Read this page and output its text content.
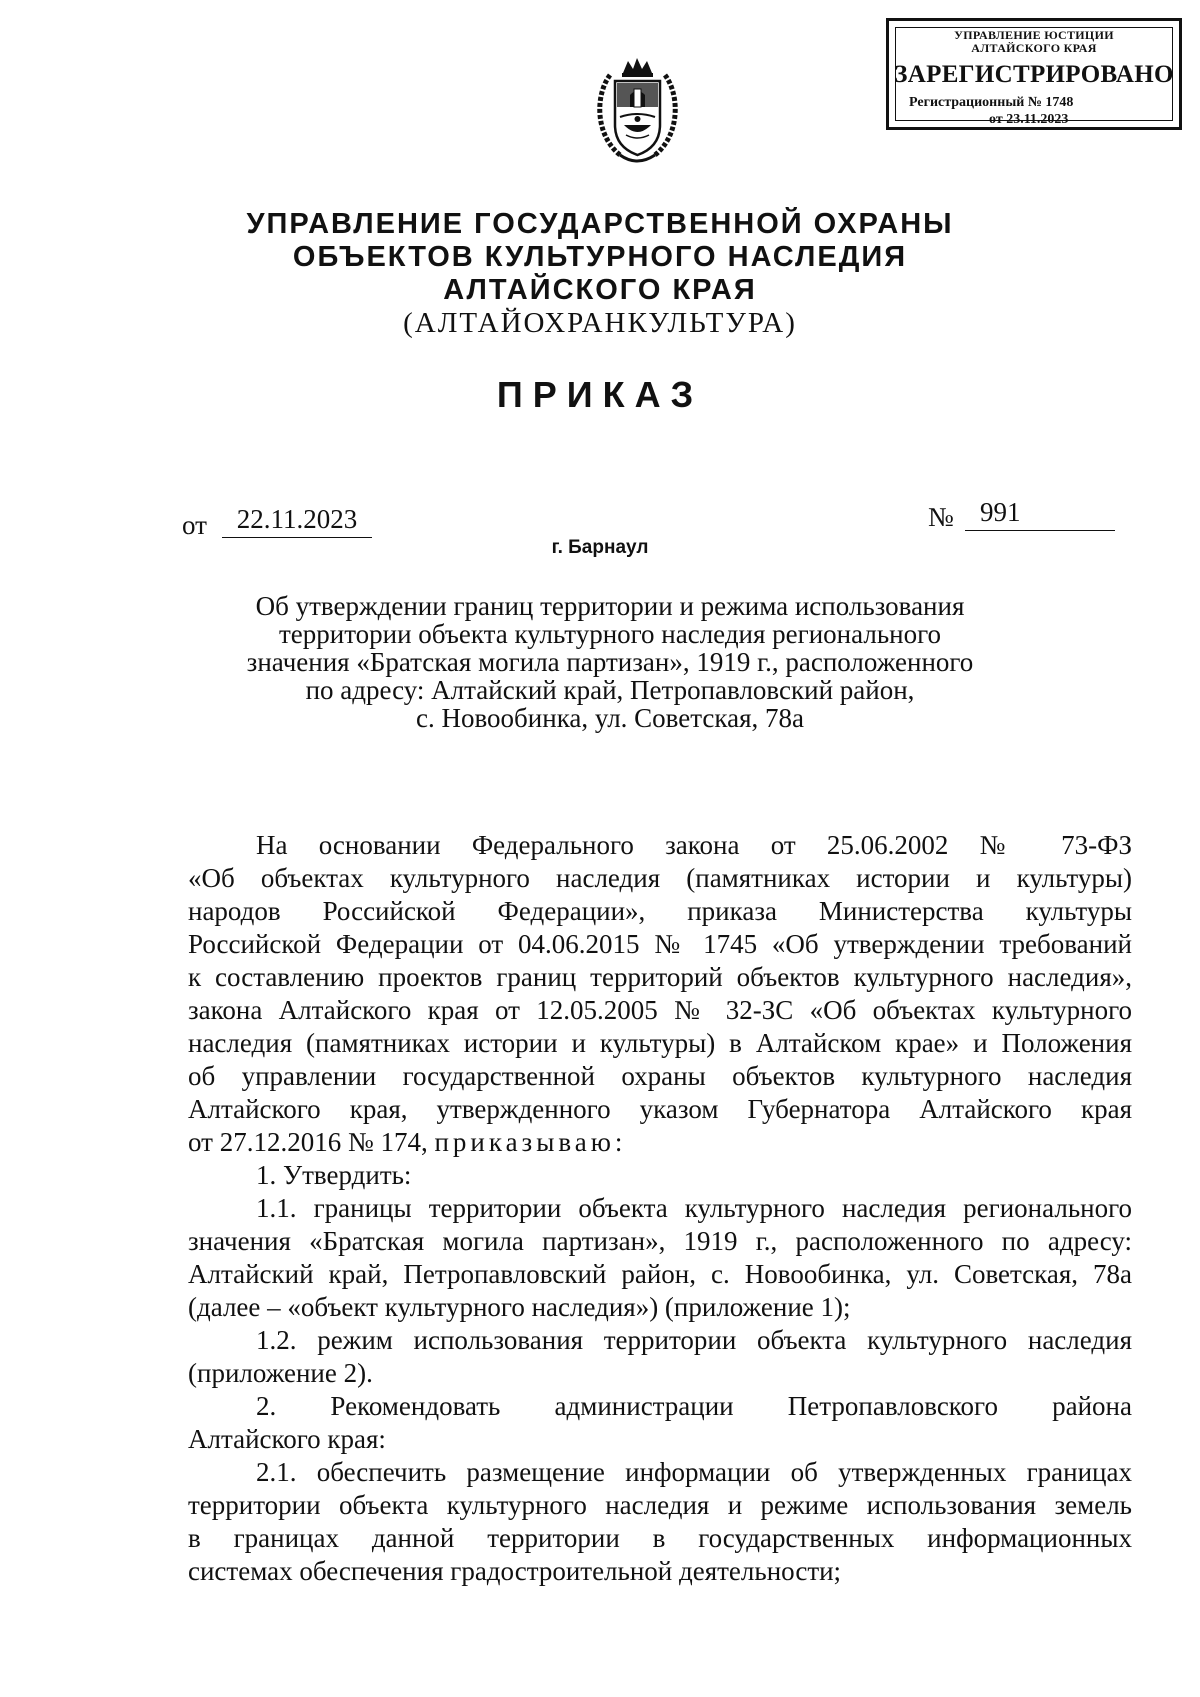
УПРАВЛЕНИЕ ЮСТИЦИИ
АЛТАЙСКОГО КРАЯ
ЗАРЕГИСТРИРОВАНО
Регистрационный № 1748
от 23.11.2023
УПРАВЛЕНИЕ ГОСУДАРСТВЕННОЙ ОХРАНЫ
ОБЪЕКТОВ КУЛЬТУРНОГО НАСЛЕДИЯ
АЛТАЙСКОГО КРАЯ
(АЛТАЙОХРАНКУЛЬТУРА)
ПРИКАЗ
от	22.11.2023	№ 991
г. Барнаул
Об утверждении границ территории и режима использования
территории объекта культурного наследия регионального
значения «Братская могила партизан», 1919 г., расположенного
по адресу: Алтайский край, Петропавловский район,
с. Новообинка, ул. Советская, 78а
На основании Федерального закона от 25.06.2002 № 73-ФЗ
«Об объектах культурного наследия (памятниках истории и культуры)
народов Российской Федерации», приказа Министерства культуры
Российской Федерации от 04.06.2015 № 1745 «Об утверждении требований
к составлению проектов границ территорий объектов культурного наследия»,
закона Алтайского края от 12.05.2005 № 32-ЗС «Об объектах культурного
наследия (памятниках истории и культуры) в Алтайском крае» и Положения
об управлении государственной охраны объектов культурного наследия
Алтайского края, утвержденного указом Губернатора Алтайского края
от 27.12.2016 № 174, приказываю:
1. Утвердить:
1.1. границы территории объекта культурного наследия регионального
значения «Братская могила партизан», 1919 г., расположенного по адресу:
Алтайский край, Петропавловский район, с. Новообинка, ул. Советская, 78а
(далее – «объект культурного наследия») (приложение 1);
1.2. режим использования территории объекта культурного наследия
(приложение 2).
2. Рекомендовать администрации Петропавловского района
Алтайского края:
2.1. обеспечить размещение информации об утвержденных границах
территории объекта культурного наследия и режиме использования земель
в границах данной территории в государственных информационных
системах обеспечения градостроительной деятельности;
